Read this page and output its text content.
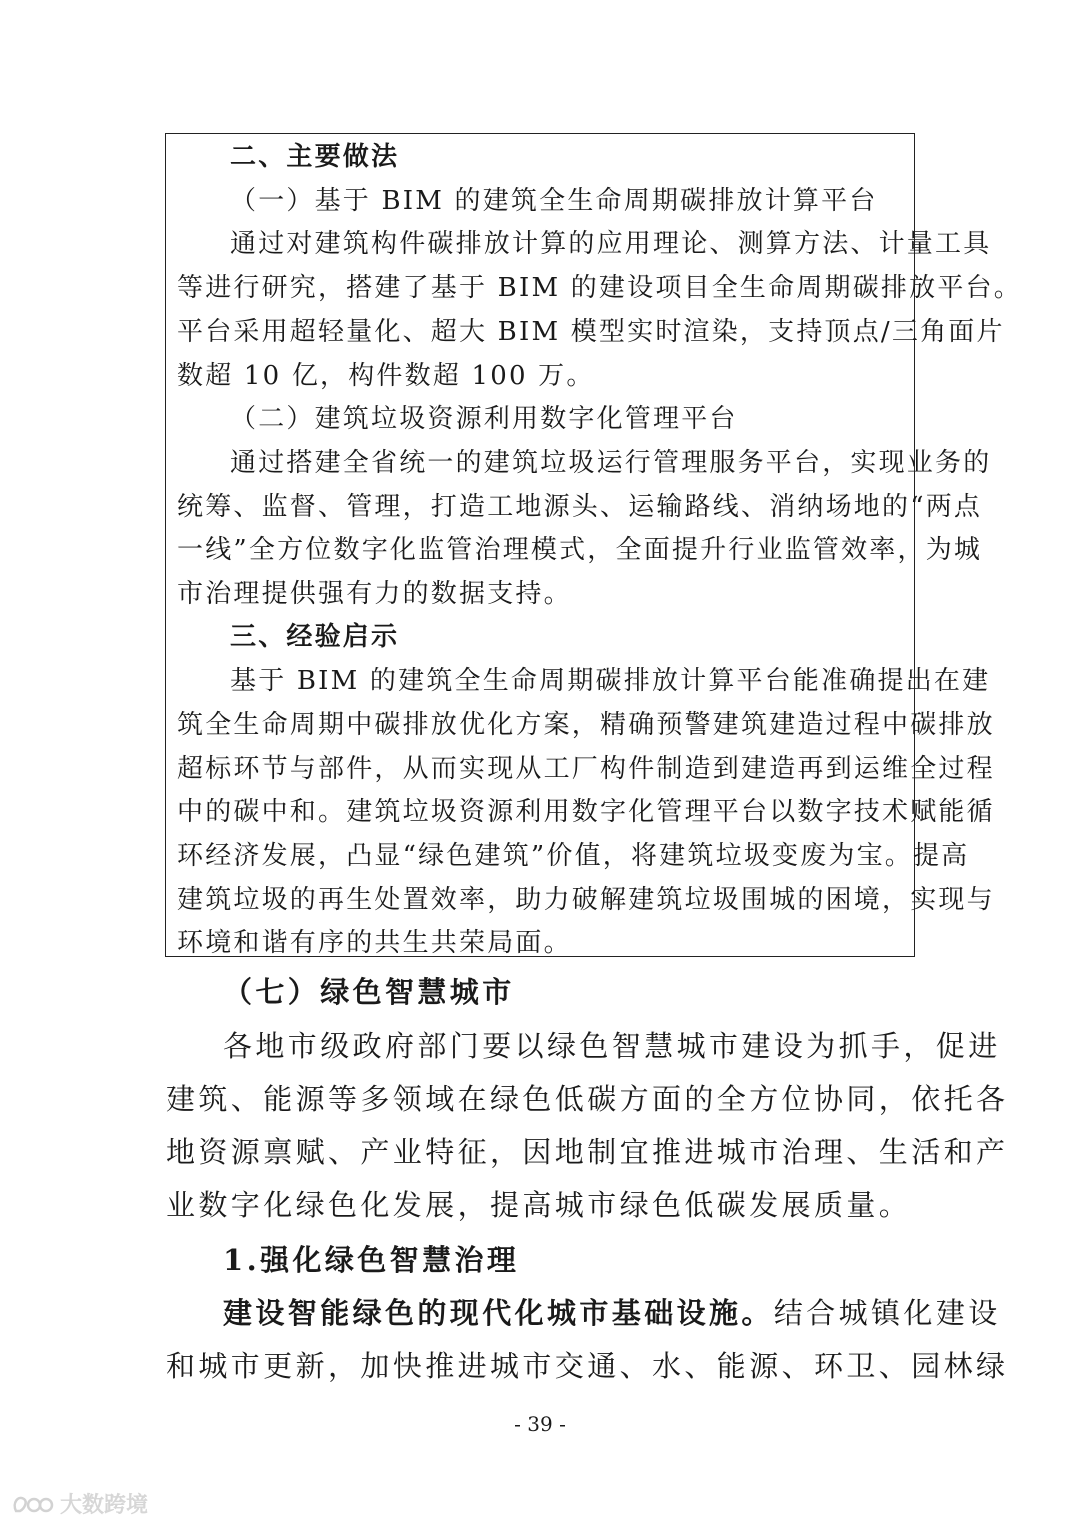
二、主要做法
（一）基于 BIM 的建筑全生命周期碳排放计算平台
通过对建筑构件碳排放计算的应用理论、测算方法、计量工具
等进行研究，搭建了基于 BIM 的建设项目全生命周期碳排放平台。
平台采用超轻量化、超大 BIM 模型实时渲染，支持顶点/三角面片
数超 10 亿，构件数超 100 万。
（二）建筑垃圾资源利用数字化管理平台
通过搭建全省统一的建筑垃圾运行管理服务平台，实现业务的
统筹、监督、管理，打造工地源头、运输路线、消纳场地的“两点
一线”全方位数字化监管治理模式，全面提升行业监管效率，为城
市治理提供强有力的数据支持。
三、经验启示
基于 BIM 的建筑全生命周期碳排放计算平台能准确提出在建
筑全生命周期中碳排放优化方案，精确预警建筑建造过程中碳排放
超标环节与部件，从而实现从工厂构件制造到建造再到运维全过程
中的碳中和。建筑垃圾资源利用数字化管理平台以数字技术赋能循
环经济发展，凸显“绿色建筑”价值，将建筑垃圾变废为宝。提高
建筑垃圾的再生处置效率，助力破解建筑垃圾围城的困境，实现与
环境和谐有序的共生共荣局面。
（七）绿色智慧城市
各地市级政府部门要以绿色智慧城市建设为抓手，促进
建筑、能源等多领域在绿色低碳方面的全方位协同，依托各
地资源禀赋、产业特征，因地制宜推进城市治理、生活和产
业数字化绿色化发展，提高城市绿色低碳发展质量。
1.强化绿色智慧治理
建设智能绿色的现代化城市基础设施。结合城镇化建设
和城市更新，加快推进城市交通、水、能源、环卫、园林绿
- 39 -
大数跨境
